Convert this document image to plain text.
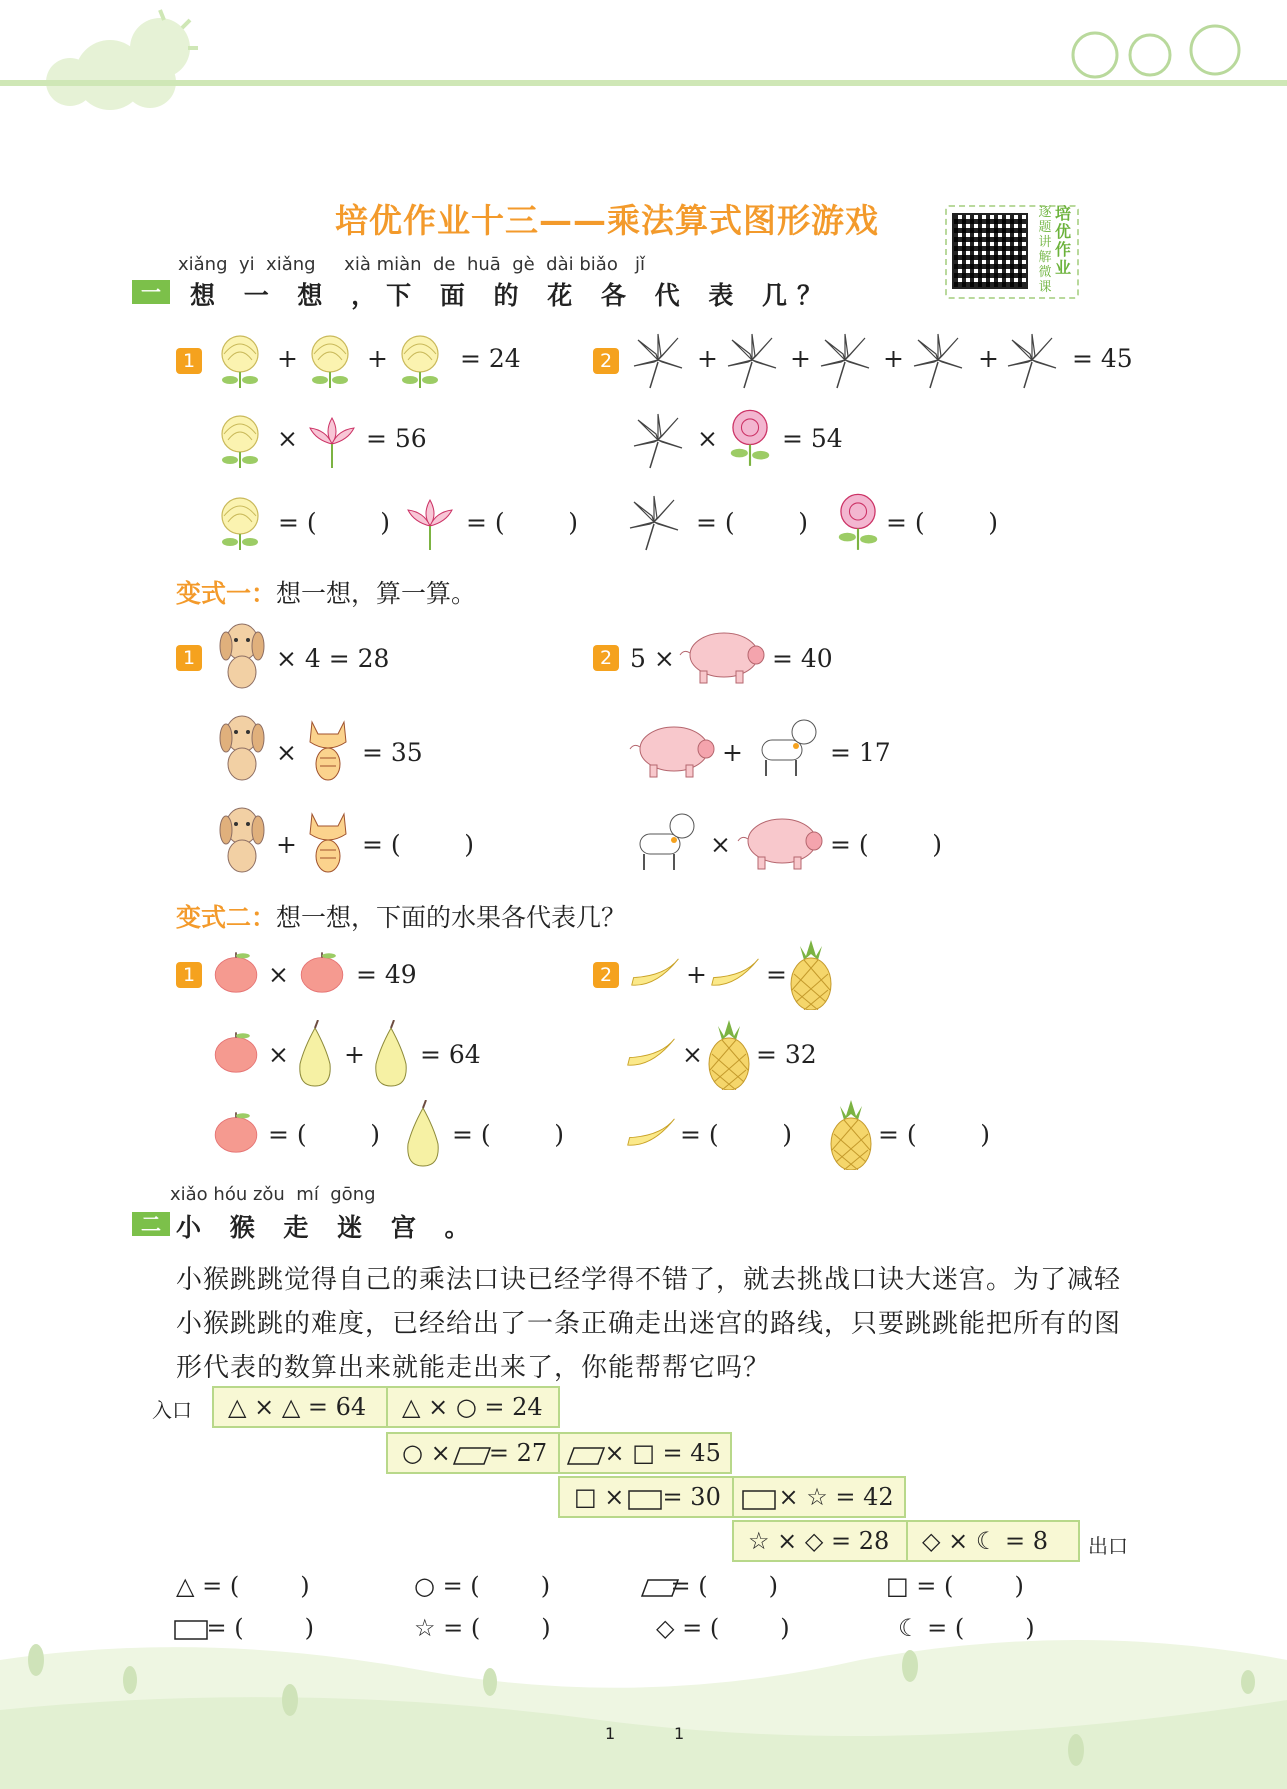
培优作业十三——乘法算式图形游戏	逐题讲解微课培优作业
xiǎng  yi  xiǎng     xià miàn  de  huā  gè  dài biǎo   jǐ
一	想 一 想 ，下 面 的 花 各 代 表 几？
1	+	+	= 24
×	= 56
= (        )	= (        )
2	+	+	+	+	= 45
×	= 54
= (        )	= (        )
变式一：想一想，算一算。
1	× 4 = 28
×	= 35
+	= (        )
2 5 ×	= 40
+	= 17
×	= (        )
变式二：想一想，下面的水果各代表几？
1	×	= 49
× + = 64
= (        )	= (        )
2	+ =
× = 32
= (        )	= (        )
xiǎo hóu zǒu  mí  gōng
二 小 猴 走 迷 宫 。
小猴跳跳觉得自己的乘法口诀已经学得不错了，就去挑战口诀大迷宫。为了减轻小猴跳跳的难度，已经给出了一条正确走出迷宫的路线，只要跳跳能把所有的图形代表的数算出来就能走出来了，你能帮帮它吗？
入口	△ × △ = 64	△ × ○ = 24
○ ×     = 27	× □ = 45
□ ×     = 30	× ☆ = 42
☆ × ◇ = 28	◇ × ☾ = 8	出口
△ = (        )	○ = (        )	= (        )	□ = (        )
= (        )	☆ = (        )	◇ = (        )	☾ = (        )
1	1
